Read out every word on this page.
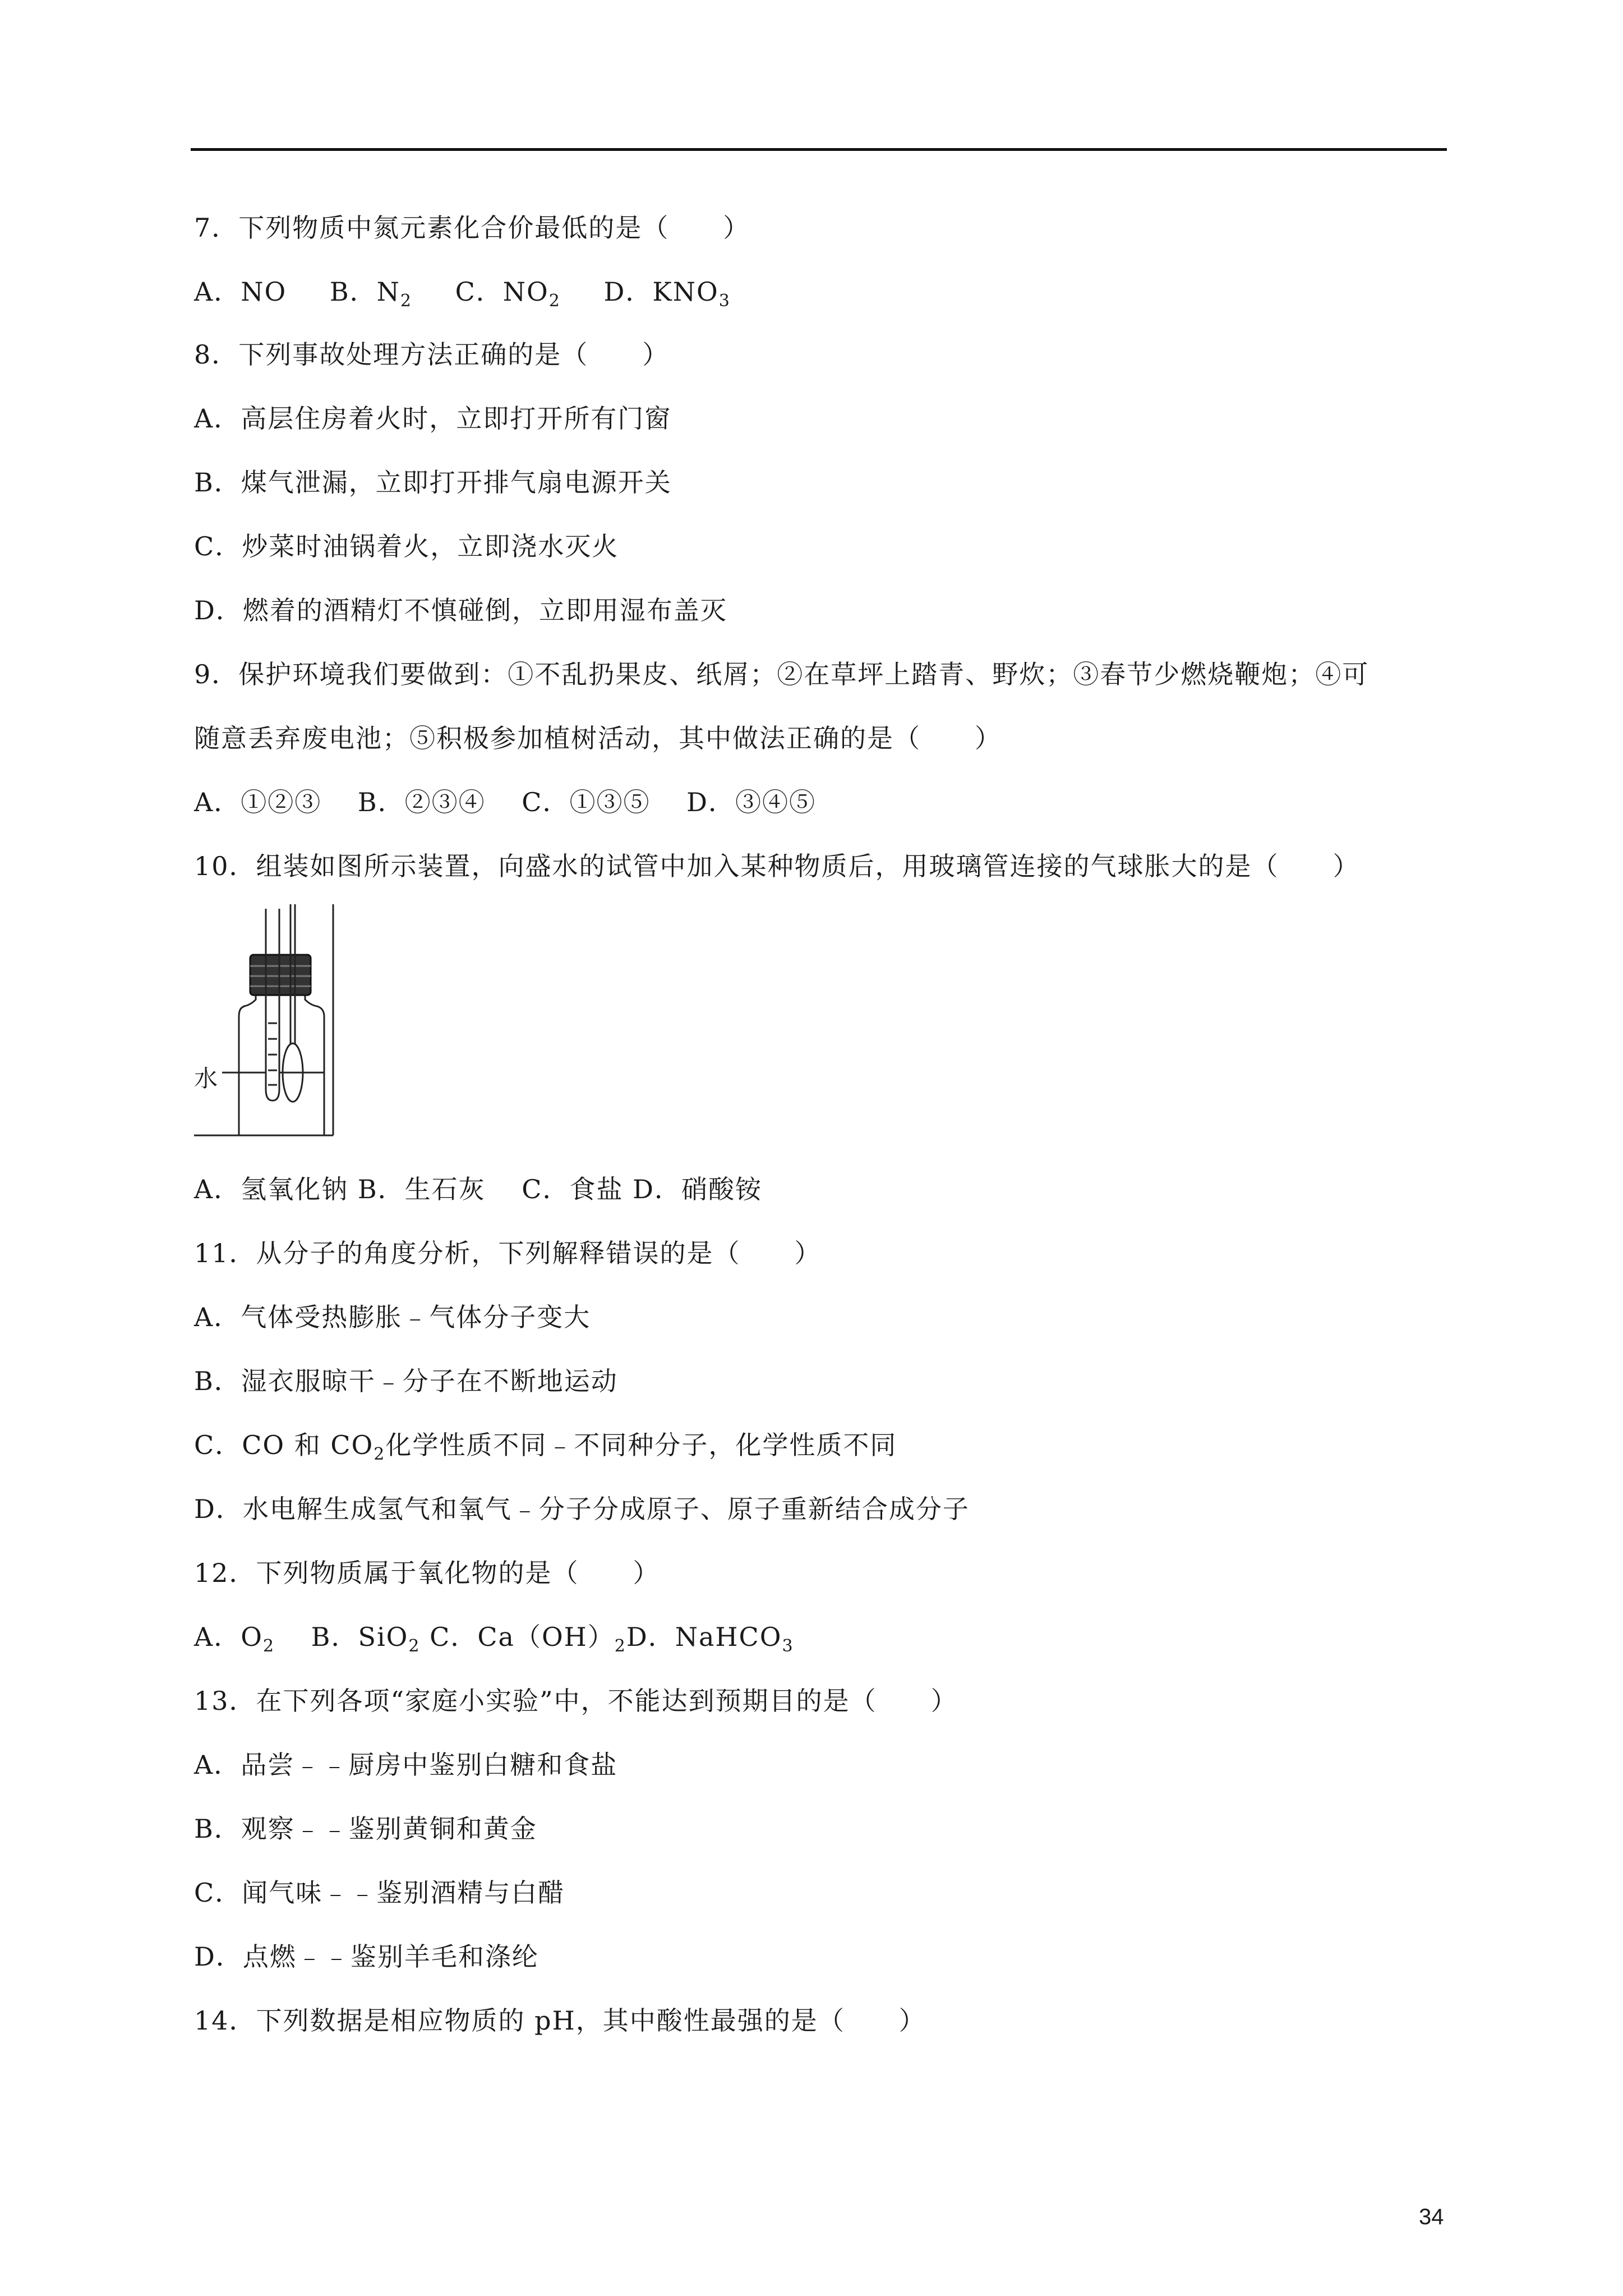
7．下列物质中氮元素化合价最低的是（　　）
A．NO B．$N_2$ C．$NO_2$ D．$KNO_3$
8．下列事故处理方法正确的是（　　）
A．高层住房着火时，立即打开所有门窗
B．煤气泄漏，立即打开排气扇电源开关
C．炒菜时油锅着火，立即浇水灭火
D．燃着的酒精灯不慎碰倒，立即用湿布盖灭
9．保护环境我们要做到：①不乱扔果皮、纸屑；②在草坪上踏青、野炊；③春节少燃烧鞭炮；④可
随意丢弃废电池；⑤积极参加植树活动，其中做法正确的是（　　）
A．①②③　 B．②③④　 C．①③⑤　 D．③④⑤
10．组装如图所示装置，向盛水的试管中加入某种物质后，用玻璃管连接的气球胀大的是（　　）
水
A．氢氧化钠 B．生石灰　 C．食盐 D．硝酸铵
11．从分子的角度分析，下列解释错误的是（　　）
A．气体受热膨胀﹣气体分子变大
B．湿衣服晾干﹣分子在不断地运动
C．CO 和 $CO_2$化学性质不同﹣不同种分子，化学性质不同
D．水电解生成氢气和氧气﹣分子分成原子、原子重新结合成分子
12．下列物质属于氧化物的是（　　）
A．$O_2$　 B．SiO$_2$ C．$Ca(OH)_2D$．NaHCO$_3$
13．在下列各项“家庭小实验”中，不能达到预期目的是（　　）
A．品尝﹣﹣厨房中鉴别白糖和食盐
B．观察﹣﹣鉴别黄铜和黄金
C．闻气味﹣﹣鉴别酒精与白醋
D．点燃﹣﹣鉴别羊毛和涤纶
14．下列数据是相应物质的 pH，其中酸性最强的是（　　）
34
